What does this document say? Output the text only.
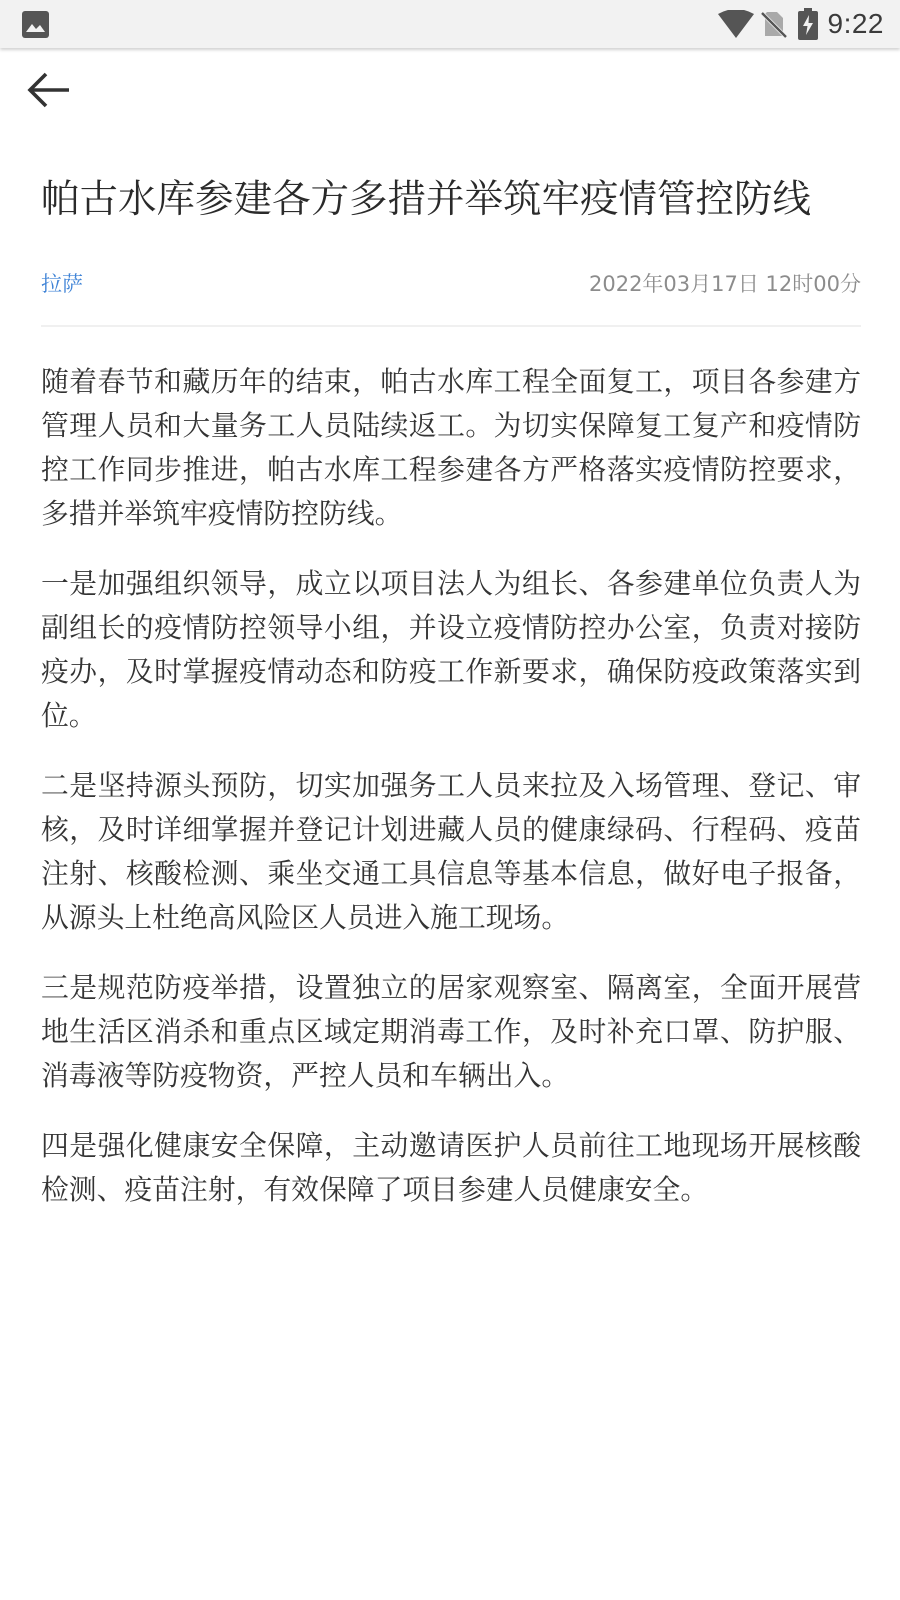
9:22
帕古水库参建各方多措并举筑牢疫情管控防线
拉萨	2022年03月17日 12时00分

随着春节和藏历年的结束，帕古水库工程全面复工，项目各参建方管理人员和大量务工人员陆续返工。为切实保障复工复产和疫情防控工作同步推进，帕古水库工程参建各方严格落实疫情防控要求，多措并举筑牢疫情防控防线。

一是加强组织领导，成立以项目法人为组长、各参建单位负责人为副组长的疫情防控领导小组，并设立疫情防控办公室，负责对接防疫办，及时掌握疫情动态和防疫工作新要求，确保防疫政策落实到位。

二是坚持源头预防，切实加强务工人员来拉及入场管理、登记、审核，及时详细掌握并登记计划进藏人员的健康绿码、行程码、疫苗注射、核酸检测、乘坐交通工具信息等基本信息，做好电子报备，从源头上杜绝高风险区人员进入施工现场。

三是规范防疫举措，设置独立的居家观察室、隔离室，全面开展营地生活区消杀和重点区域定期消毒工作，及时补充口罩、防护服、消毒液等防疫物资，严控人员和车辆出入。

四是强化健康安全保障，主动邀请医护人员前往工地现场开展核酸检测、疫苗注射，有效保障了项目参建人员健康安全。
